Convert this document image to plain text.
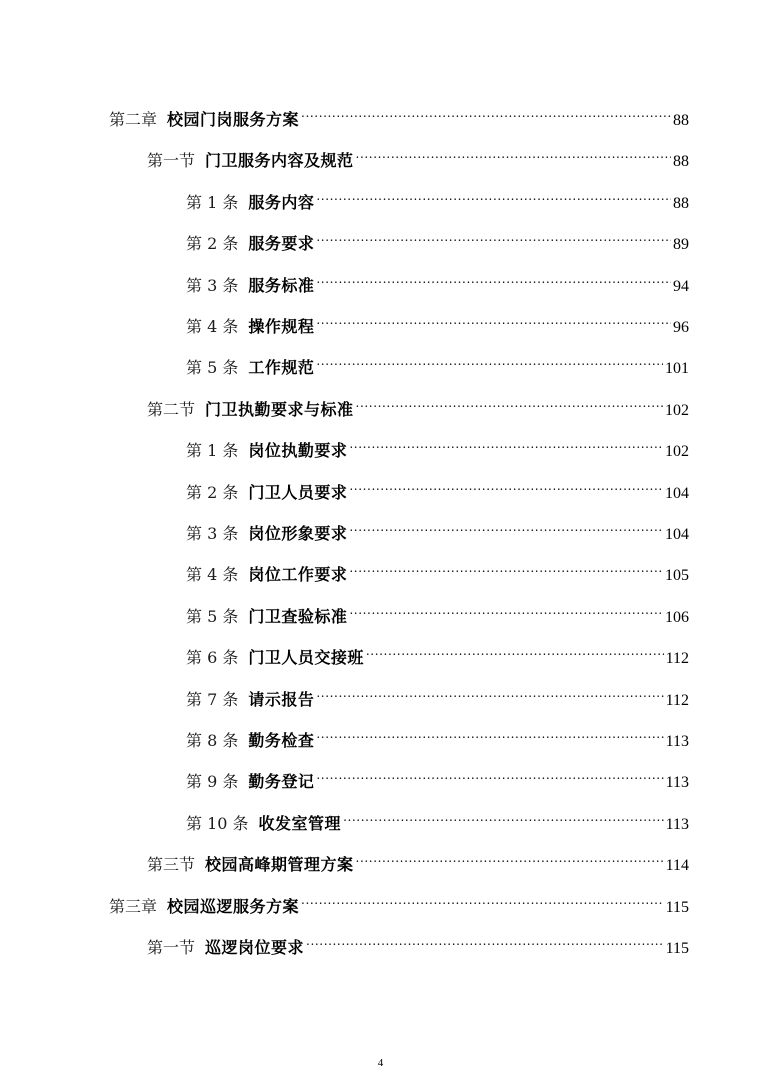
第二章 校园门岗服务方案 .....	88
第一节 门卫服务内容及规范 .....	88
第 1 条 服务内容 .....	88
第 2 条 服务要求 .....	89
第 3 条 服务标准 .....	94
第 4 条 操作规程 .....	96
第 5 条 工作规范 .....	101
第二节 门卫执勤要求与标准 .....	102
第 1 条 岗位执勤要求 .....	102
第 2 条 门卫人员要求 .....	104
第 3 条 岗位形象要求 .....	104
第 4 条 岗位工作要求 .....	105
第 5 条 门卫查验标准 .....	106
第 6 条 门卫人员交接班 .....	112
第 7 条 请示报告 .....	112
第 8 条 勤务检查 .....	113
第 9 条 勤务登记 .....	113
第 10 条 收发室管理 .....	113
第三节 校园高峰期管理方案 .....	114
第三章 校园巡逻服务方案 .....	115
第一节 巡逻岗位要求 .....	115
4
